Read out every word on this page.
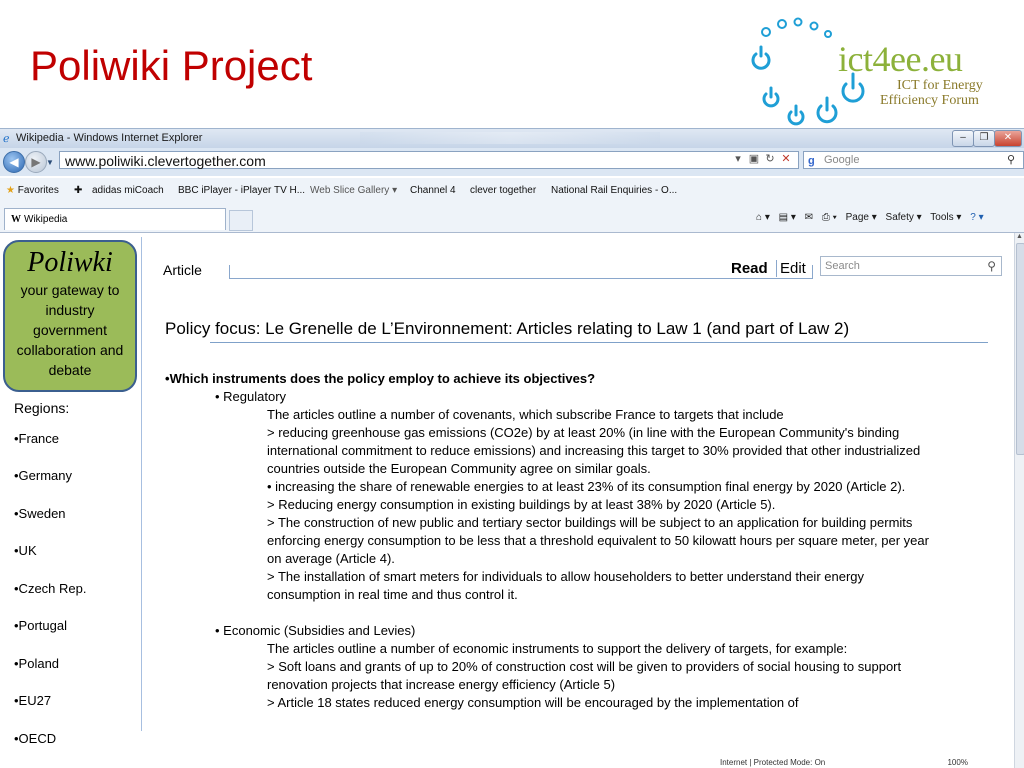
Poliwiki Project	ict4ee.eu
ICT for Energy
Efficiency Forum
ℯ Wikipedia - Windows Internet Explorer	–	❐	✕
◀	▶ ▼ www.poliwiki.clevertogether.com	▾ ▣ ↻ ✕	g Google	⚲
★ Favorites ✚ adidas miCoach BBC iPlayer - iPlayer TV H... Web Slice Gallery ▾ Channel 4 clever together National Rail Enquiries - O...
W Wikipedia	⌂ ▾ ▤ ▾ ✉ ⎙ ▾ Page ▾ Safety ▾ Tools ▾ ? ▾
▲
Poliwki
your gateway to industry government collaboration and debate
Regions:
•France
•Germany
•Sweden
•UK
•Czech Rep.
•Portugal
•Poland
•EU27
•OECD
Article	Read Edit	Search	⚲
Policy focus: Le Grenelle de L’Environnement: Articles relating to Law 1 (and part of Law 2)
•Which instruments does the policy employ to achieve its objectives?
• Regulatory
The articles outline a number of covenants, which subscribe France to targets that include
> reducing greenhouse gas emissions (CO2e) by at least 20% (in line with the European Community's binding international commitment to reduce emissions) and increasing this target to 30% provided that other industrialized countries outside the European Community agree on similar goals.
• increasing the share of renewable energies to at least 23% of its consumption final energy by 2020 (Article 2).
> Reducing energy consumption in existing buildings by at least 38% by 2020 (Article 5).
> The construction of new public and tertiary sector buildings will be subject to an application for building permits enforcing energy consumption to be less that a threshold equivalent to 50 kilowatt hours per square meter, per year on average (Article 4).
> The installation of smart meters for individuals to allow householders to better understand their energy consumption in real time and thus control it.
• Economic (Subsidies and Levies)
The articles outline a number of economic instruments to support the delivery of targets, for example:
> Soft loans and grants of up to 20% of construction cost will be given to providers of social housing to support renovation projects that increase energy efficiency (Article 5)
> Article 18 states reduced energy consumption will be encouraged by the implementation of
Internet | Protected Mode: On	100%
